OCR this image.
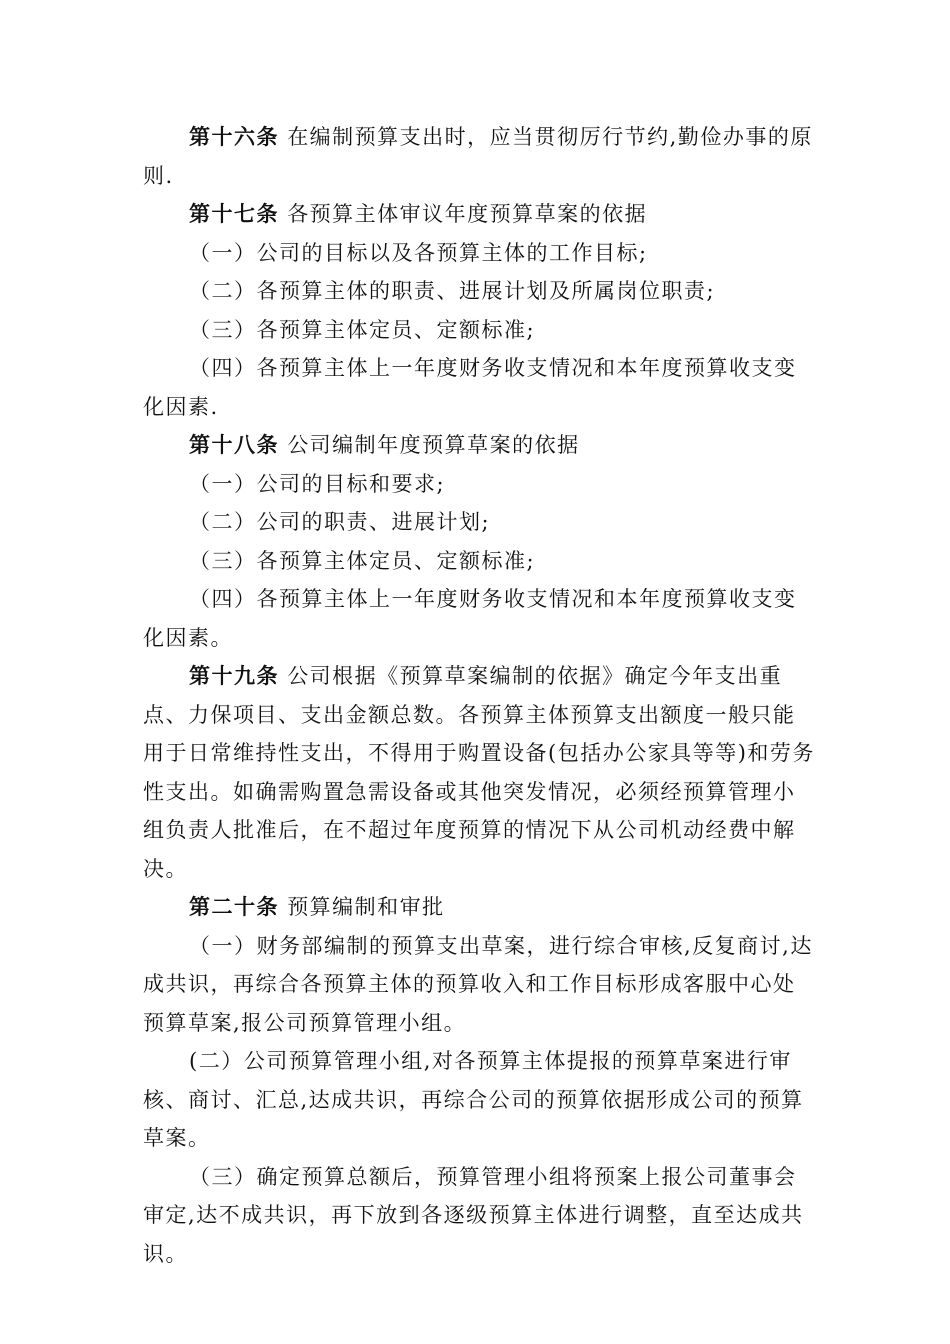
第十六条 在编制预算支出时，应当贯彻厉行节约,勤俭办事的原则.

第十七条 各预算主体审议年度预算草案的依据

（一）公司的目标以及各预算主体的工作目标;

（二）各预算主体的职责、进展计划及所属岗位职责;

（三）各预算主体定员、定额标准;

（四）各预算主体上一年度财务收支情况和本年度预算收支变化因素.

第十八条 公司编制年度预算草案的依据

（一）公司的目标和要求;

（二）公司的职责、进展计划;

（三）各预算主体定员、定额标准;

（四）各预算主体上一年度财务收支情况和本年度预算收支变化因素。

第十九条 公司根据《预算草案编制的依据》确定今年支出重点、力保项目、支出金额总数。各预算主体预算支出额度一般只能用于日常维持性支出，不得用于购置设备(包括办公家具等等)和劳务性支出。如确需购置急需设备或其他突发情况，必须经预算管理小组负责人批准后，在不超过年度预算的情况下从公司机动经费中解决。

第二十条 预算编制和审批

（一）财务部编制的预算支出草案，进行综合审核,反复商讨,达成共识，再综合各预算主体的预算收入和工作目标形成客服中心处预算草案,报公司预算管理小组。

(二）公司预算管理小组,对各预算主体提报的预算草案进行审核、商讨、汇总,达成共识，再综合公司的预算依据形成公司的预算草案。

（三）确定预算总额后，预算管理小组将预案上报公司董事会审定,达不成共识，再下放到各逐级预算主体进行调整，直至达成共识。
